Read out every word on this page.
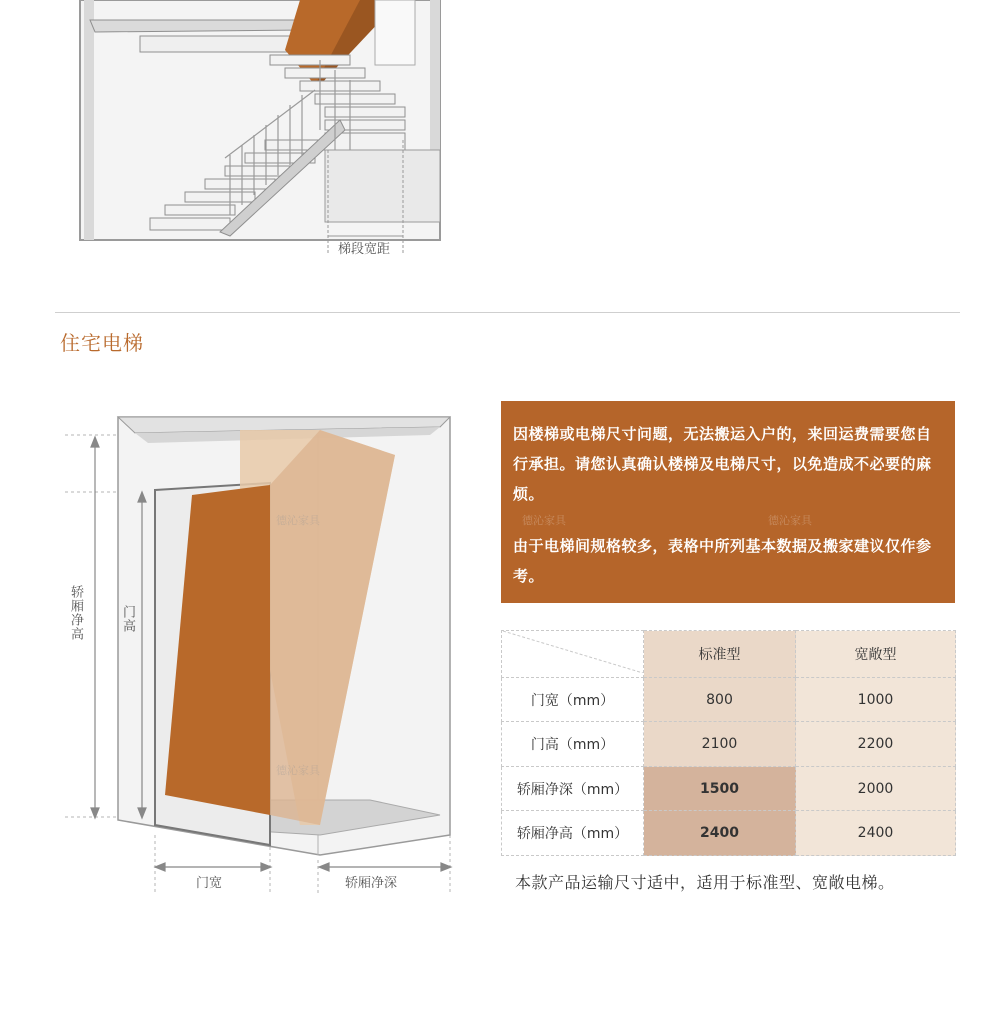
梯段宽距
住宅电梯
轿厢净高	门高
门宽	轿厢净深
德沁家具
德沁家具

因楼梯或电梯尺寸问题，无法搬运入户的，来回运费需要您自行承担。请您认真确认楼梯及电梯尺寸，以免造成不必要的麻烦。

由于电梯间规格较多，表格中所列基本数据及搬家建议仅作参考。

德沁家具	德沁家具
	标准型	宽敞型
门宽（mm）	800	1000
门高（mm）	2100	2200
轿厢净深（mm）	1500	2000
轿厢净高（mm）	2400	2400
本款产品运输尺寸适中，适用于标准型、宽敞电梯。
